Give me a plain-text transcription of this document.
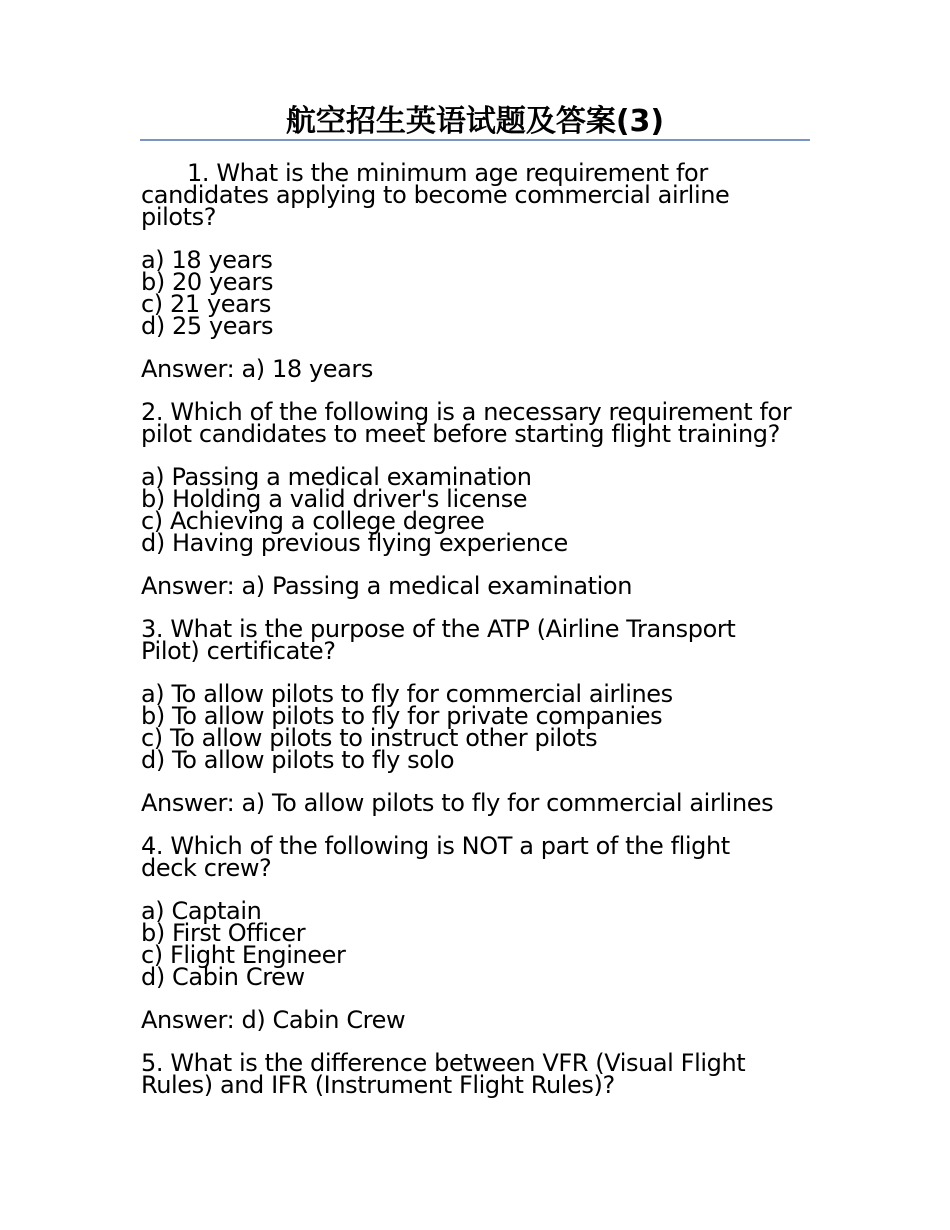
航空招生英语试题及答案(3)
1. What is the minimum age requirement for
candidates applying to become commercial airline
pilots?
a) 18 years
b) 20 years
c) 21 years
d) 25 years
Answer: a) 18 years
2. Which of the following is a necessary requirement for
pilot candidates to meet before starting flight training?
a) Passing a medical examination
b) Holding a valid driver's license
c) Achieving a college degree
d) Having previous flying experience
Answer: a) Passing a medical examination
3. What is the purpose of the ATP (Airline Transport
Pilot) certificate?
a) To allow pilots to fly for commercial airlines
b) To allow pilots to fly for private companies
c) To allow pilots to instruct other pilots
d) To allow pilots to fly solo
Answer: a) To allow pilots to fly for commercial airlines
4. Which of the following is NOT a part of the flight
deck crew?
a) Captain
b) First Officer
c) Flight Engineer
d) Cabin Crew
Answer: d) Cabin Crew
5. What is the difference between VFR (Visual Flight
Rules) and IFR (Instrument Flight Rules)?
